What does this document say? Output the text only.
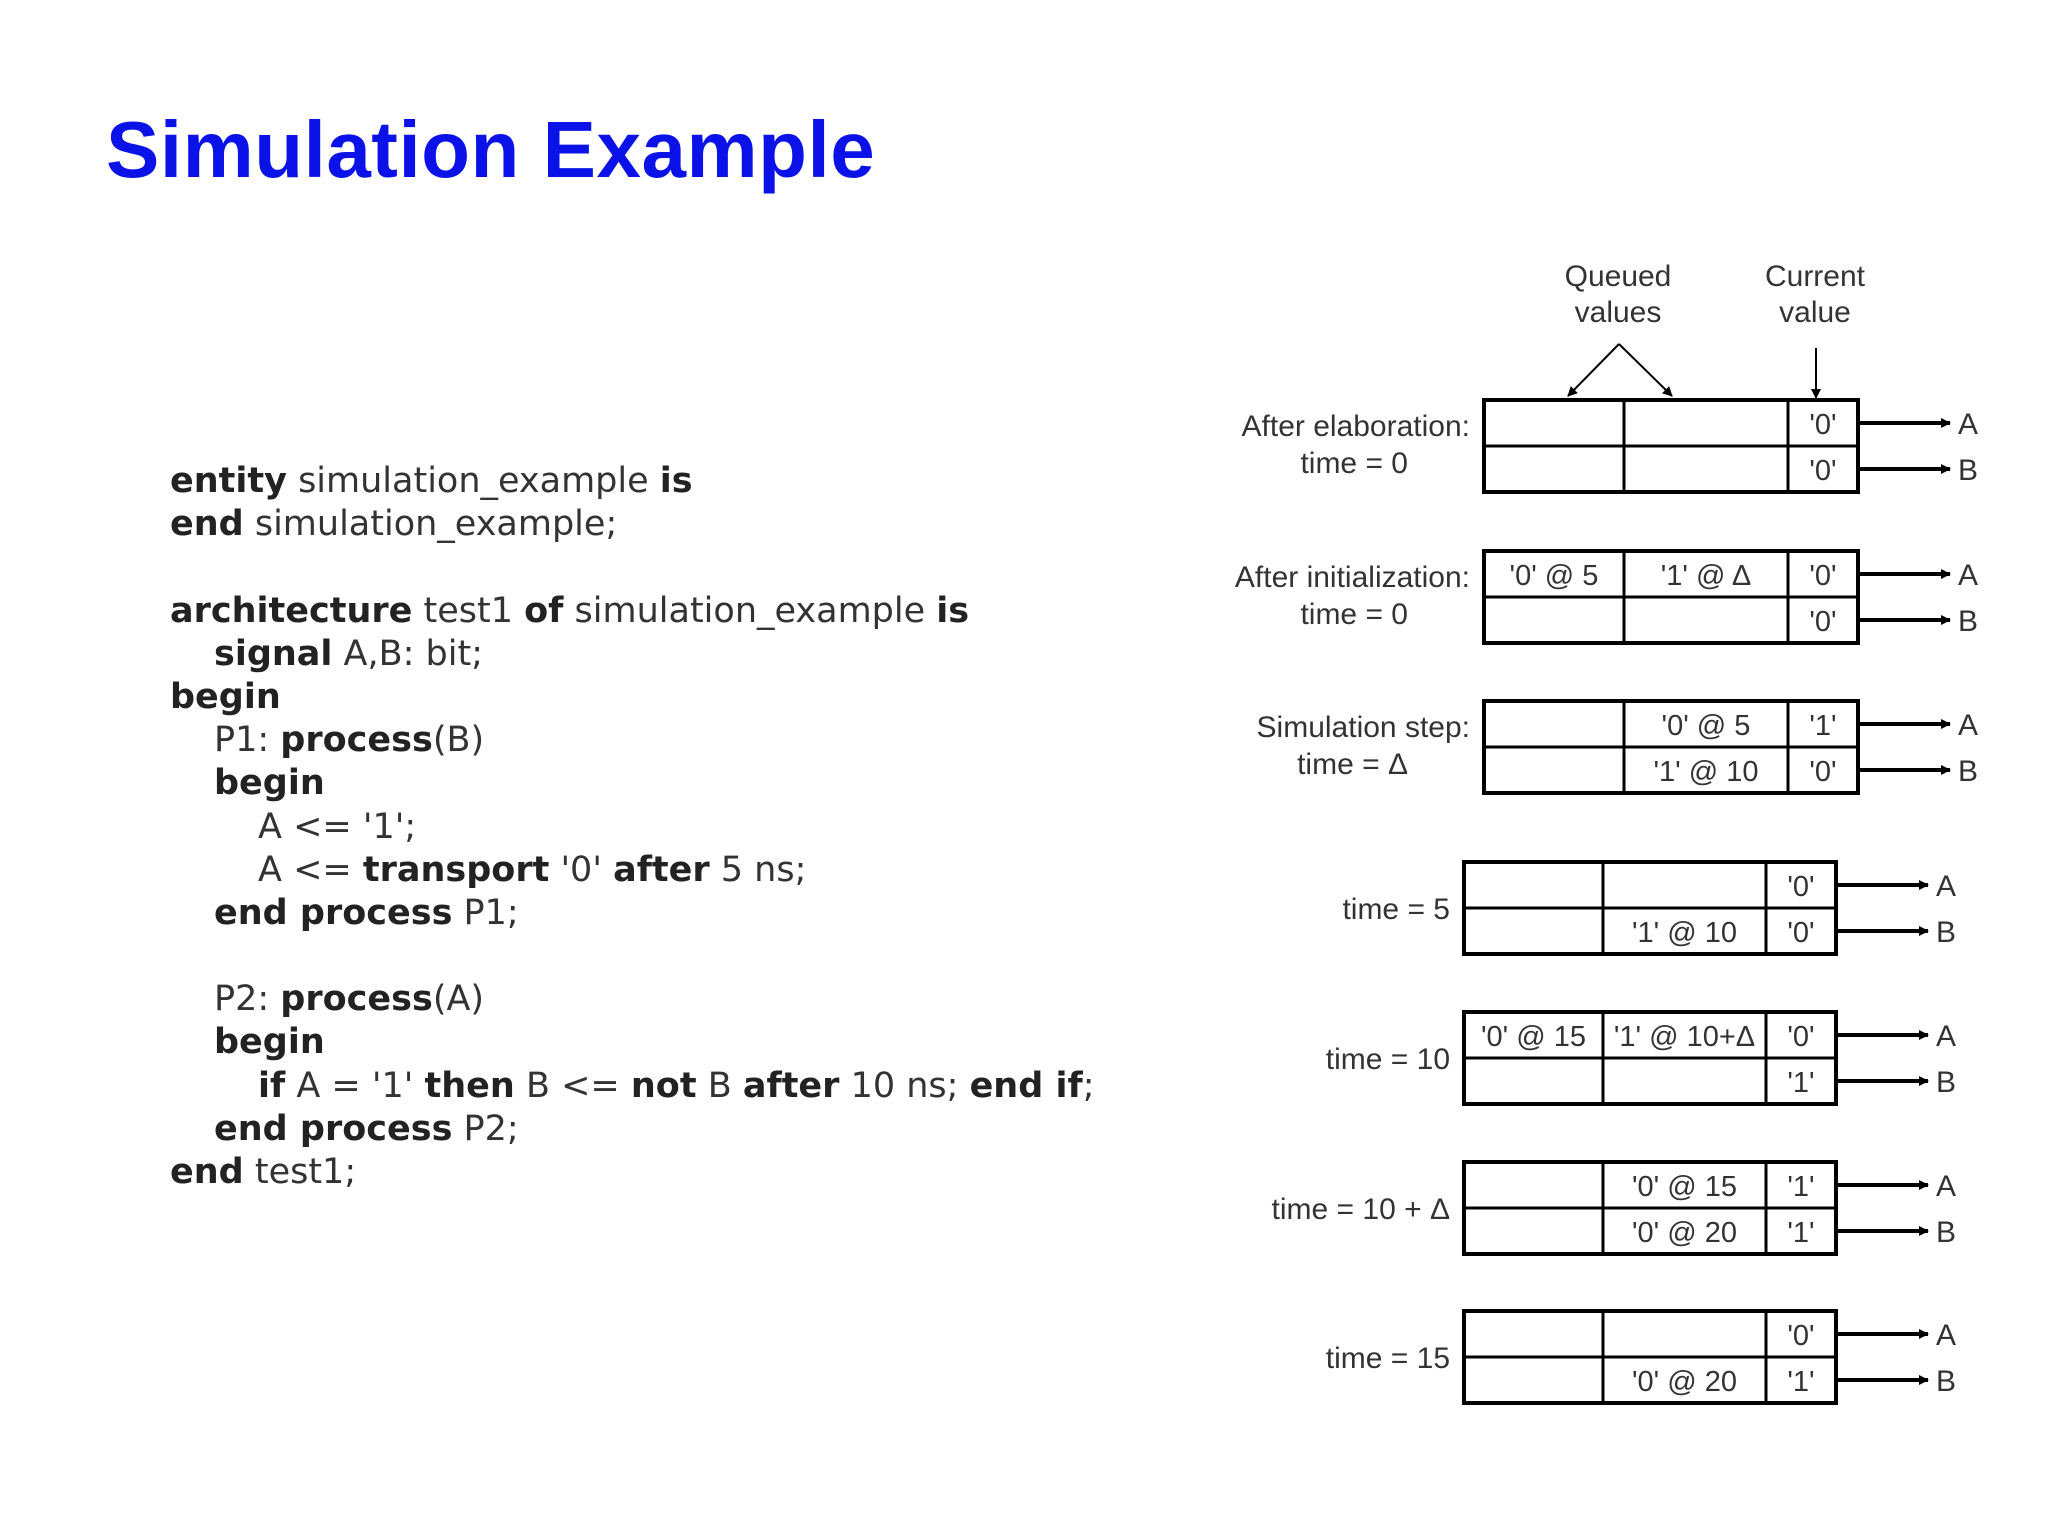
Simulation Example
entity simulation_example is
end simulation_example;
architecture test1 of simulation_example is
signal A,B: bit;
begin
P1: process(B)
begin
A <= '1';
A <= transport '0' after 5 ns;
end process P1;
P2: process(A)
begin
if A = '1' then B <= not B after 10 ns; end if;
end process P2;
end test1;
Queued
values
Current
value
'0'
'0'
A
B
After elaboration:
time = 0
'0' @ 5 '1' @ Δ '0'
'0'
A
B
After initialization:
time = 0
'0' @ 5 '1'
'1' @ 10 '0'
A
B
Simulation step:
time = Δ
'0'
'1' @ 10 '0'
A
B
time = 5
'0' @ 15 '1' @ 10+Δ '0'
'1'
A
B
time = 10
'0' @ 15 '1'
'0' @ 20 '1'
A
B
time = 10 + Δ
'0'
'0' @ 20 '1'
A
B
time = 15
